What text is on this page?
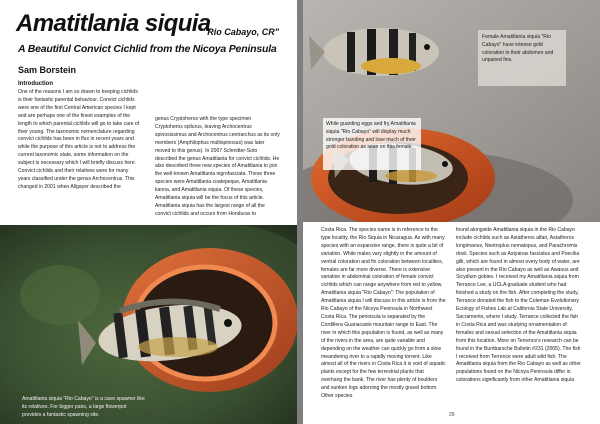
Amatitlania siquia
"Rio Cabayo, CR"
A Beautiful Convict Cichlid from the Nicoya Peninsula
Sam Borstein
Introduction

One of the reasons I am so drawn to keeping cichlids is their fantastic parental behaviour. Convict cichlids were one of the first Central American species I kept and are perhaps one of the finest examples of the length to which parental cichlids will go to take care of their young. The taxonomic nomenclature regarding convict cichlids has been in flux in recent years and while the purpose of this article is not to address the current taxonomic state, some information on the subject is necessary which I will briefly discuss here. Convict cichlids and their relatives were for many years classified under the genus Archocentrus. This changed in 2001 when Allgayer described the

genus Cryptoheros with the type specimen Cryptoheros spilurus, leaving Archocentrus spinosissimus and Archocentrus centrarchus as its only members (Amphilophus multispinosus) was later moved to this genus). In 2007 Schmitter-Soto described the genus Amatitlania for convict cichlids. He also described three new species of Amatitlania to join the well-known Amatitlania nigrofasciata. These three species were Amatitlania coatepeque, Amatitlania kanna, and Amatitlania siquia. Of these species, Amatitlania siquia will be the focus of this article. Amatitlania siquia has the largest range of all the convict cichlids and occurs from Honduras to

Amatitlania siquia "Rio Cabayo" is a cave spawner like its relatives. For bigger pairs, a large flowerpot provides a fantastic spawning site.	28
Female Amatitlania siquia "Rio Cabayo" have intense gold coloration in their abdomen and unpaired fins.
While guarding eggs and fry Amatitlania siquia "Rio Cabayo" will display much stronger banding and lose much of their gold coloration as seen on this female.

Costa Rica. The species name is in reference to the type locality, the Rio Siquia in Nicaragua. As with many species with an expansive range, there is quite a bit of variation. While males vary slightly in the amount of ventral coloration and fin coloration between localities, females are far more diverse. There is extensive variation in abdominal coloration of female convict cichlids which can range anywhere from red to yellow. Amatitlania siquia "Rio Cabayo": The population of Amatitlania siquia I will discuss in this article is from the Rio Cabayo of the Nicoya Peninsula in Northwest Costa Rica. The peninsula is separated by the Cordillera Guanacaste mountain range to East. The river in which this population is found, as well as many of the rivers in the area, are quite variable and depending on the weather can quickly go from a slow meandering river to a rapidly moving torrent. Like almost all of the rivers in Costa Rica it is void of aquatic plants except for the few terrestrial plants that overhang the bank. The river has plenty of boulders and sunken logs adorning the mostly gravel bottom. Other species

found alongside Amatitlania siquia in the Rio Cabayo include cichlids such as Astatheros alfari, Astatheros longimanus, Neetroplus nematopus, and Parachromis dovii. Species such as Astyanax fasciatus and Poecilia gilli, which are found in almost every body of water, are also present in the Rio Cabayo as well as Awaous and Sicydium gobies. I received my Amatitlania siquia from Terrance Lee, a UCLA graduate student who had finished a study on the fish. After completing the study, Terrance donated the fish to the Coleman Evolutionary Ecology of Fishes Lab at California State University, Sacramento, where I study. Terrance collected the fish in Costa Rica and was studying ornamentation of females and sexual selection of the Amatitlania siquia from this location. More on Terrence's research can be found in the Buntbarsche Bulletin #231 (2005). The fish I received from Terrence were adult wild fish. The Amatitlania siquia from the Rio Cabayo as well as other populations found on the Nicoya Peninsula differ in colorations significantly from other Amatitlania siquia

29
